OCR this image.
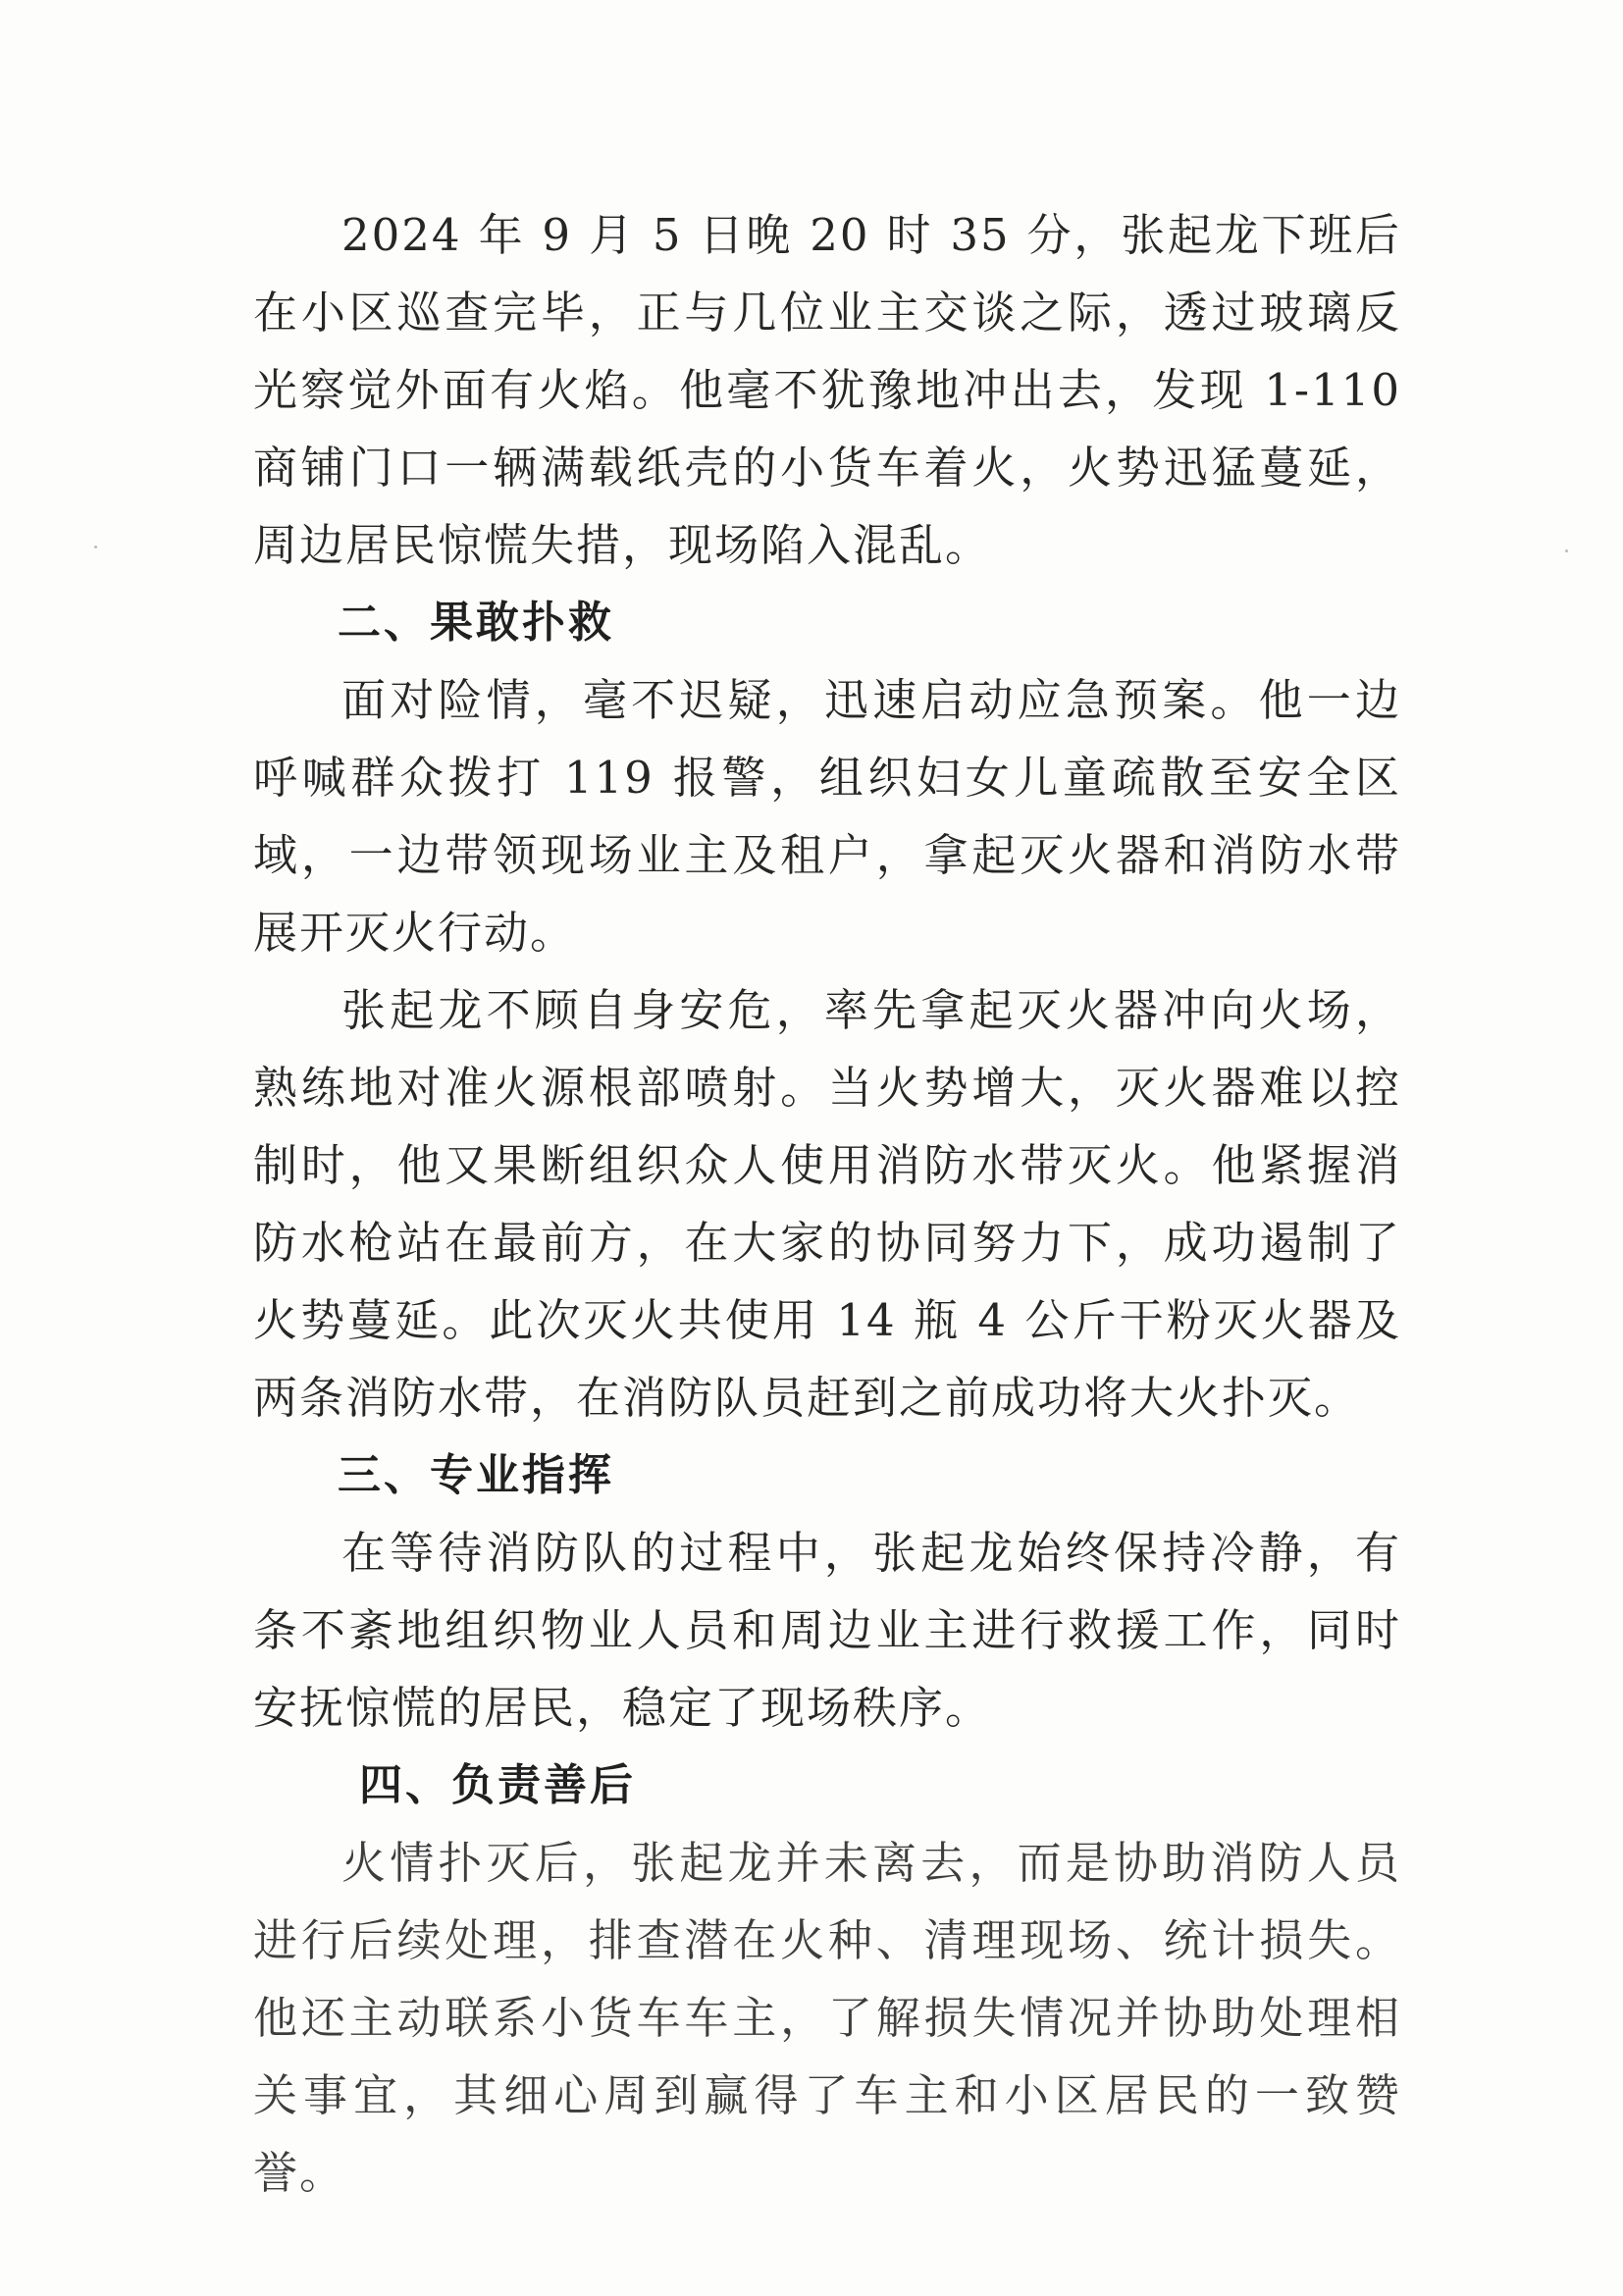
2024 年 9 月 5 日晚 20 时 35 分，张起龙下班后在小区巡查完毕，正与几位业主交谈之际，透过玻璃反光察觉外面有火焰。他毫不犹豫地冲出去，发现 1-110 商铺门口一辆满载纸壳的小货车着火，火势迅猛蔓延，周边居民惊慌失措，现场陷入混乱。

二、果敢扑救

面对险情，毫不迟疑，迅速启动应急预案。他一边呼喊群众拨打 119 报警，组织妇女儿童疏散至安全区域，一边带领现场业主及租户，拿起灭火器和消防水带展开灭火行动。

张起龙不顾自身安危，率先拿起灭火器冲向火场，熟练地对准火源根部喷射。当火势增大，灭火器难以控制时，他又果断组织众人使用消防水带灭火。他紧握消防水枪站在最前方，在大家的协同努力下，成功遏制了火势蔓延。此次灭火共使用 14 瓶 4 公斤干粉灭火器及两条消防水带，在消防队员赶到之前成功将大火扑灭。

三、专业指挥

在等待消防队的过程中，张起龙始终保持冷静，有条不紊地组织物业人员和周边业主进行救援工作，同时安抚惊慌的居民，稳定了现场秩序。

四、负责善后

火情扑灭后，张起龙并未离去，而是协助消防人员进行后续处理，排查潜在火种、清理现场、统计损失。他还主动联系小货车车主，了解损失情况并协助处理相关事宜，其细心周到赢得了车主和小区居民的一致赞誉。
